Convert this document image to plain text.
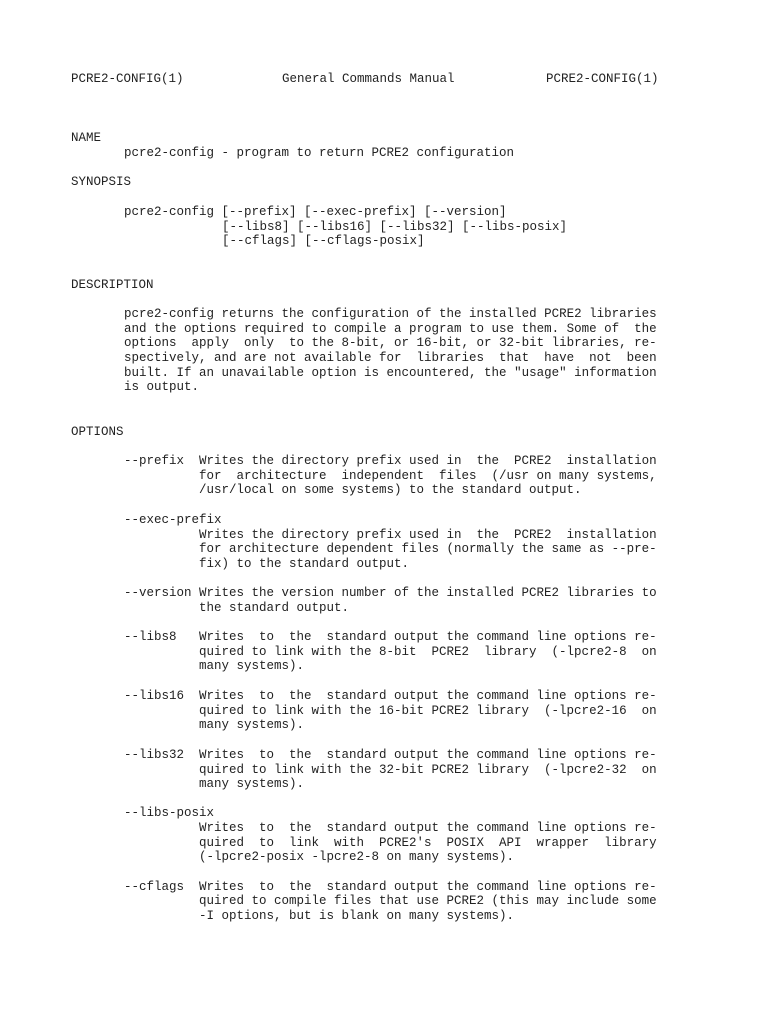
PCRE2-CONFIG(1)	General Commands Manual	PCRE2-CONFIG(1)
NAME
pcre2-config - program to return PCRE2 configuration
SYNOPSIS
pcre2-config [--prefix] [--exec-prefix] [--version]
[--libs8] [--libs16] [--libs32] [--libs-posix]
[--cflags] [--cflags-posix]
DESCRIPTION
pcre2-config returns the configuration of the installed PCRE2 libraries
and the options required to compile a program to use them. Some of  the
options  apply  only  to the 8-bit, or 16-bit, or 32-bit libraries, re-
spectively, and are not available for  libraries  that  have  not  been
built. If an unavailable option is encountered, the "usage" information
is output.
OPTIONS
--prefix Writes the directory prefix used in  the  PCRE2  installation
for  architecture  independent  files  (/usr on many systems,
/usr/local on some systems) to the standard output.
--exec-prefix
Writes the directory prefix used in  the  PCRE2  installation
for architecture dependent files (normally the same as --pre-
fix) to the standard output.
--version Writes the version number of the installed PCRE2 libraries to
the standard output.
--libs8 Writes  to  the  standard output the command line options re-
quired to link with the 8-bit  PCRE2  library  (-lpcre2-8  on
many systems).
--libs16 Writes  to  the  standard output the command line options re-
quired to link with the 16-bit PCRE2 library  (-lpcre2-16  on
many systems).
--libs32 Writes  to  the  standard output the command line options re-
quired to link with the 32-bit PCRE2 library  (-lpcre2-32  on
many systems).
--libs-posix
Writes  to  the  standard output the command line options re-
quired  to  link  with  PCRE2's  POSIX  API  wrapper  library
(-lpcre2-posix -lpcre2-8 on many systems).
--cflags Writes  to  the  standard output the command line options re-
quired to compile files that use PCRE2 (this may include some
-I options, but is blank on many systems).
